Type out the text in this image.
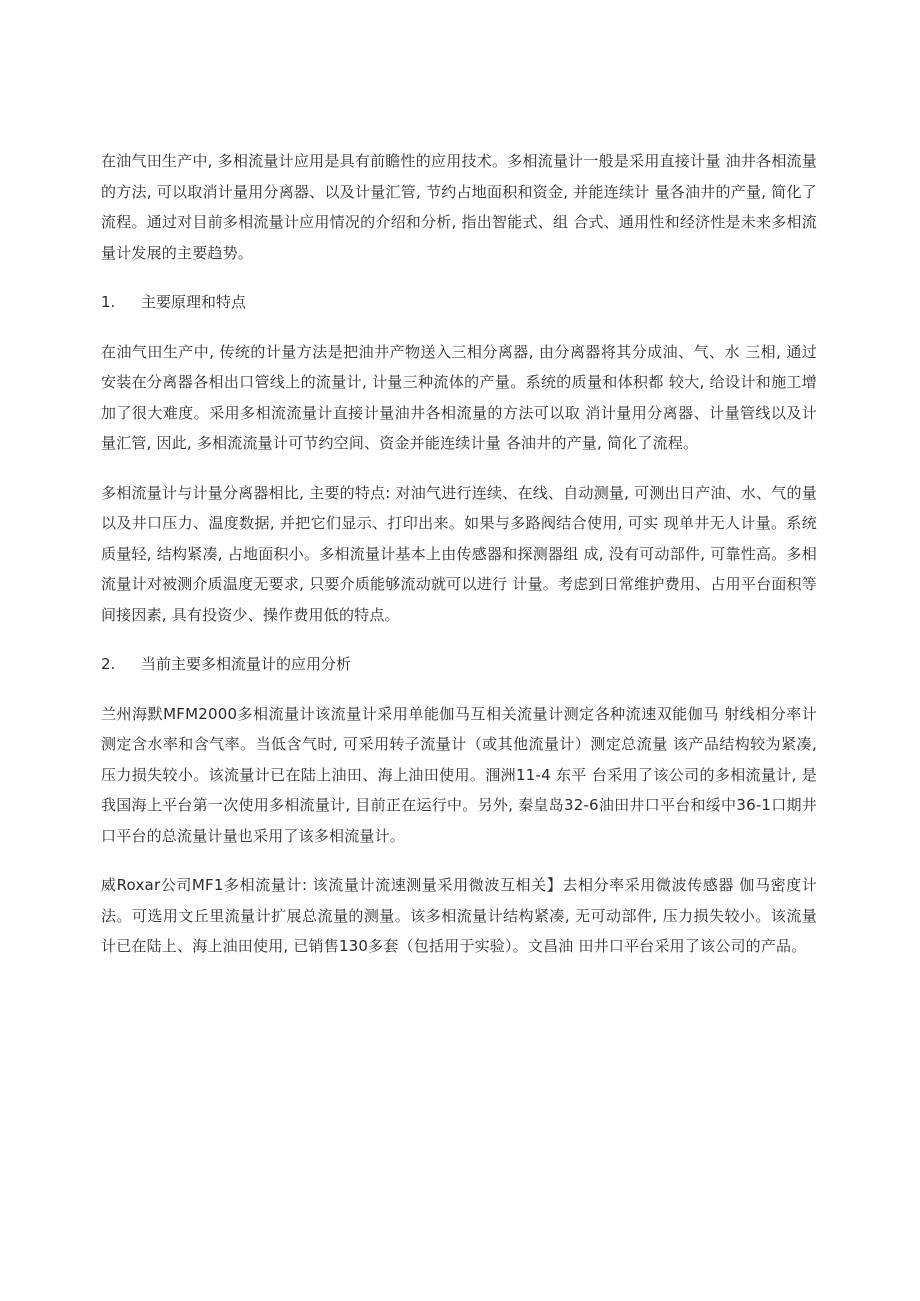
在油气田生产中, 多相流量计应用是具有前瞻性的应用技术。多相流量计一般是采用直接计量 油井各相流量的方法, 可以取消计量用分离器、以及计量汇管, 节约占地面积和资金, 并能连续计 量各油井的产量, 简化了流程。通过对目前多相流量计应用情况的介绍和分析, 指出智能式、组 合式、通用性和经济性是未来多相流量计发展的主要趋势。

1.	主要原理和特点

在油气田生产中, 传统的计量方法是把油井产物送入三相分离器, 由分离器将其分成油、气、水 三相, 通过安装在分离器各相出口管线上的流量计, 计量三种流体的产量。系统的质量和体积都 较大, 给设计和施工增加了很大难度。采用多相流流量计直接计量油井各相流量的方法可以取 消计量用分离器、计量管线以及计量汇管, 因此, 多相流流量计可节约空间、资金并能连续计量 各油井的产量, 简化了流程。

多相流量计与计量分离器相比, 主要的特点: 对油气进行连续、在线、自动测量, 可测出日产油、水、气的量以及井口压力、温度数据, 并把它们显示、打印出来。如果与多路阀结合使用, 可实 现单井无人计量。系统质量轻, 结构紧凑, 占地面积小。多相流量计基本上由传感器和探测器组 成, 没有可动部件, 可靠性高。多相流量计对被测介质温度无要求, 只要介质能够流动就可以进行 计量。考虑到日常维护费用、占用平台面积等间接因素, 具有投资少、操作费用低的特点。

2.	当前主要多相流量计的应用分析

兰州海默MFM2000多相流量计该流量计采用单能伽马互相关流量计测定各种流速双能伽马 射线相分率计测定含水率和含气率。当低含气时, 可采用转子流量计（或其他流量计）测定总流量 该产品结构较为紧凑, 压力损失较小。该流量计已在陆上油田、海上油田使用。涠洲11-4 东平 台采用了该公司的多相流量计, 是我国海上平台第一次使用多相流量计, 目前正在运行中。另外, 秦皇岛32-6油田井口平台和绥中36-1口期井口平台的总流量计量也采用了该多相流量计。

威Roxar公司MF1多相流量计: 该流量计流速测量采用微波互相关】去相分率采用微波传感器 伽马密度计法。可选用文丘里流量计扩展总流量的测量。该多相流量计结构紧凑, 无可动部件, 压力损失较小。该流量计已在陆上、海上油田使用, 已销售130多套（包括用于实验）。文昌油 田井口平台采用了该公司的产品。
